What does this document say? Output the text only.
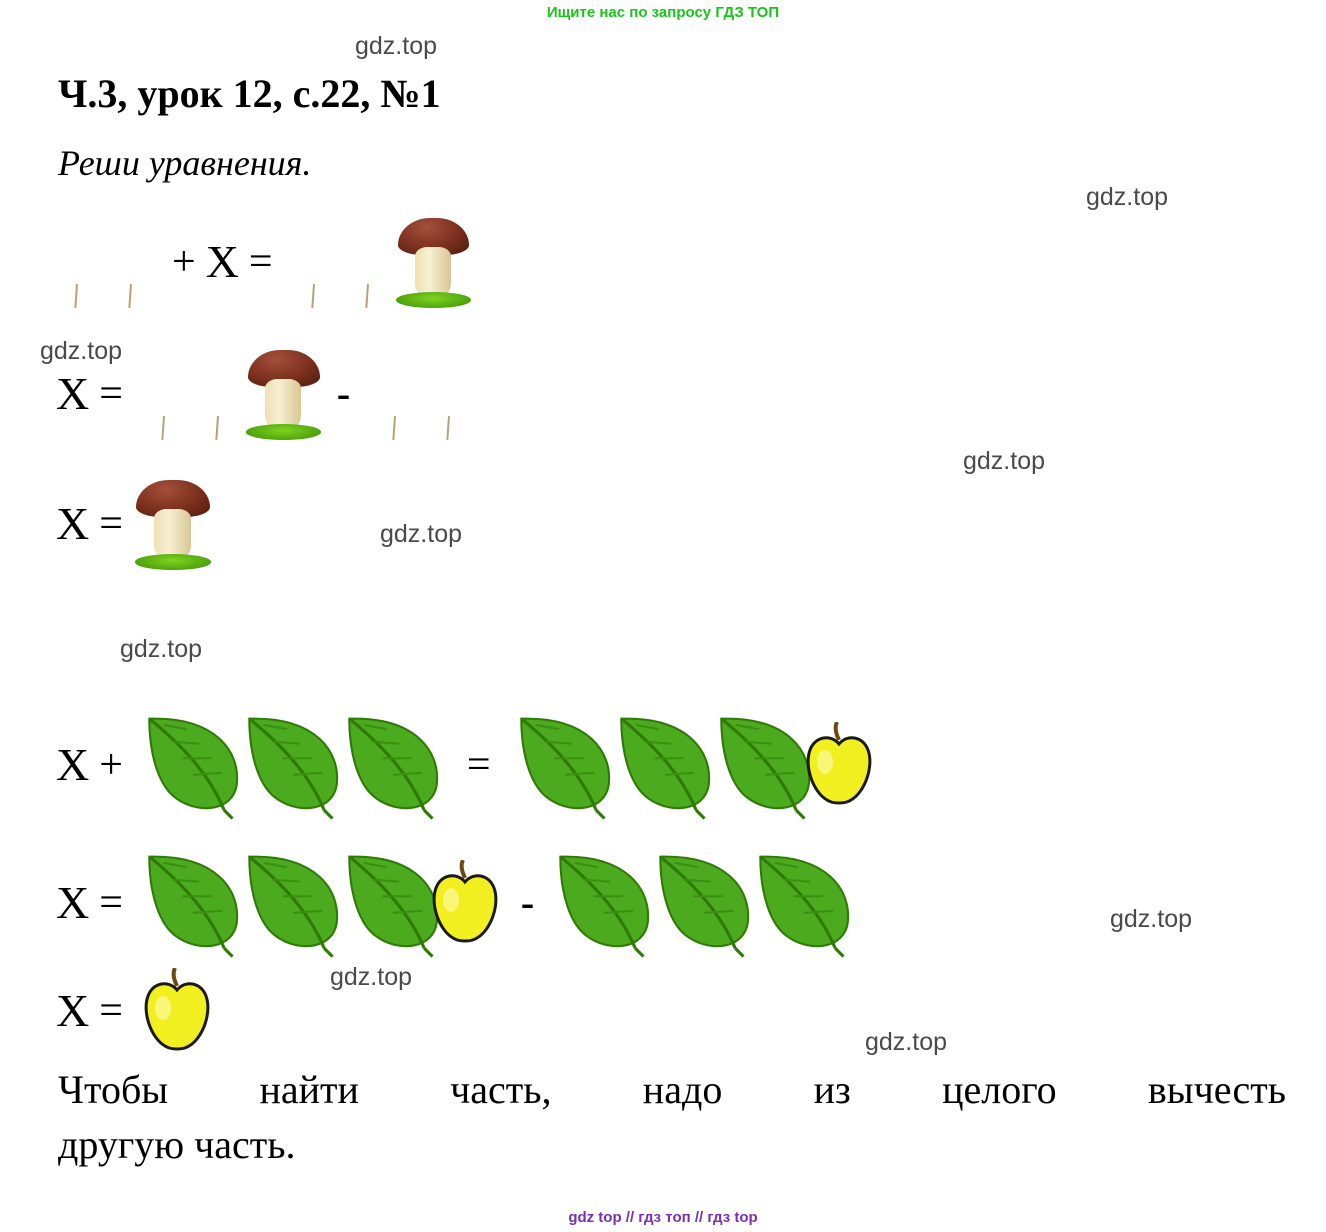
Ищите нас по запросу ГДЗ ТОП
gdz top // гдз топ // гдз top
gdz.top
gdz.top
gdz.top
gdz.top
gdz.top
gdz.top
gdz.top
gdz.top
gdz.top
Ч.3, урок 12, с.22, №1
Реши уравнения.
+ Х =
Х =	-
Х =
Х +	=
Х =	-
Х =
Чтобы найти часть, надо из целого вычесть
другую часть.
